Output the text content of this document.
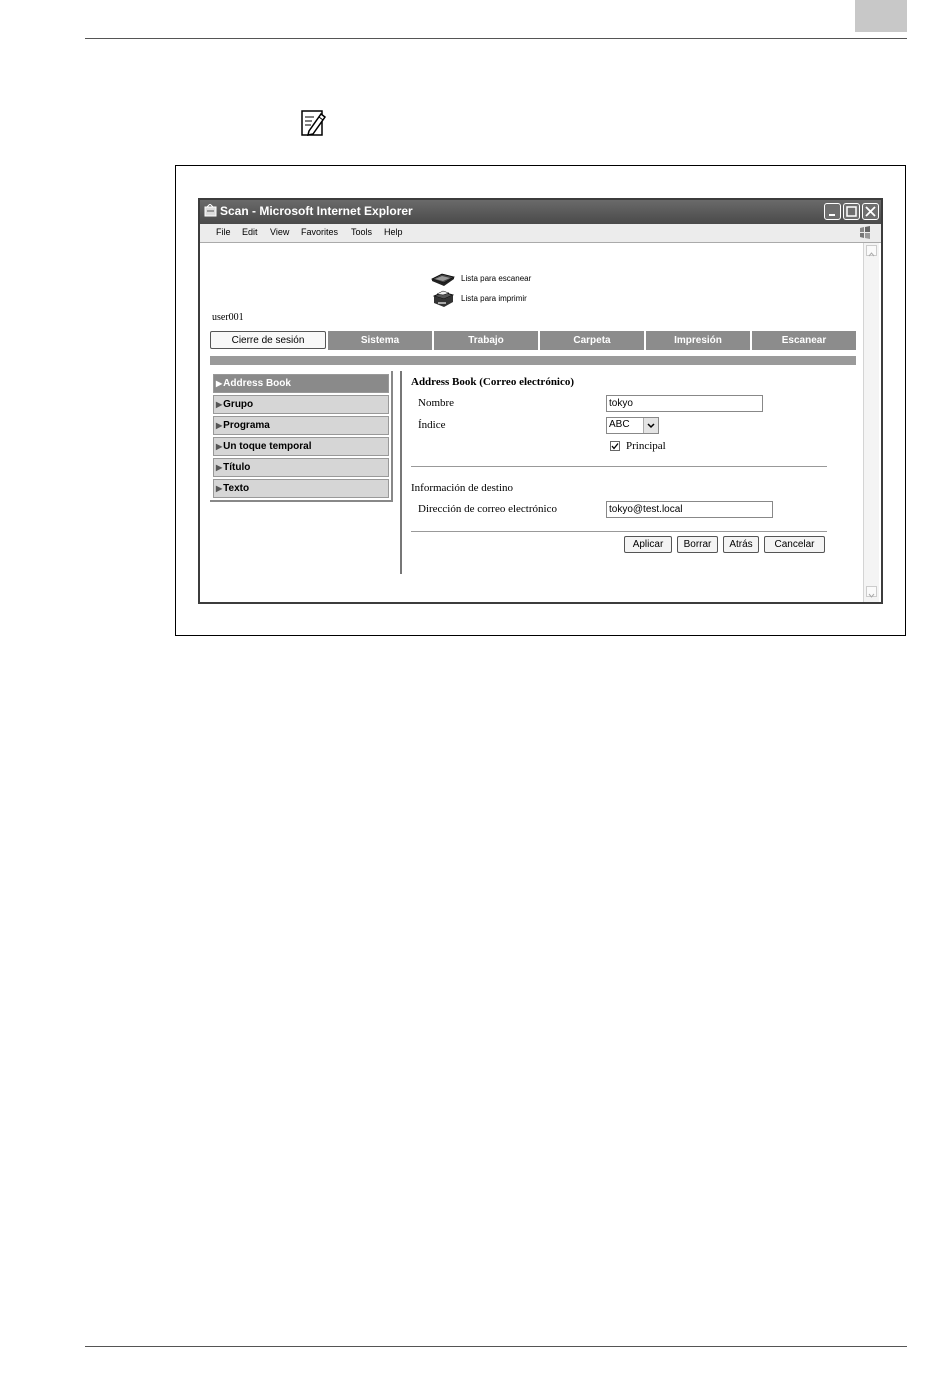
Scan - Microsoft Internet Explorer
File Edit View Favorites Tools Help
Lista para escanear
Lista para imprimir
user001
Cierre de sesión	Sistema	Trabajo	Carpeta	Impresión	Escanear
▶Address Book
▶Grupo
▶Programa
▶Un toque temporal
▶Título
▶Texto
Address Book (Correo electrónico)
Nombre	tokyo
Índice	ABC
Principal
Información de destino
Dirección de correo electrónico	tokyo@test.local
Aplicar	Borrar	Atrás	Cancelar
